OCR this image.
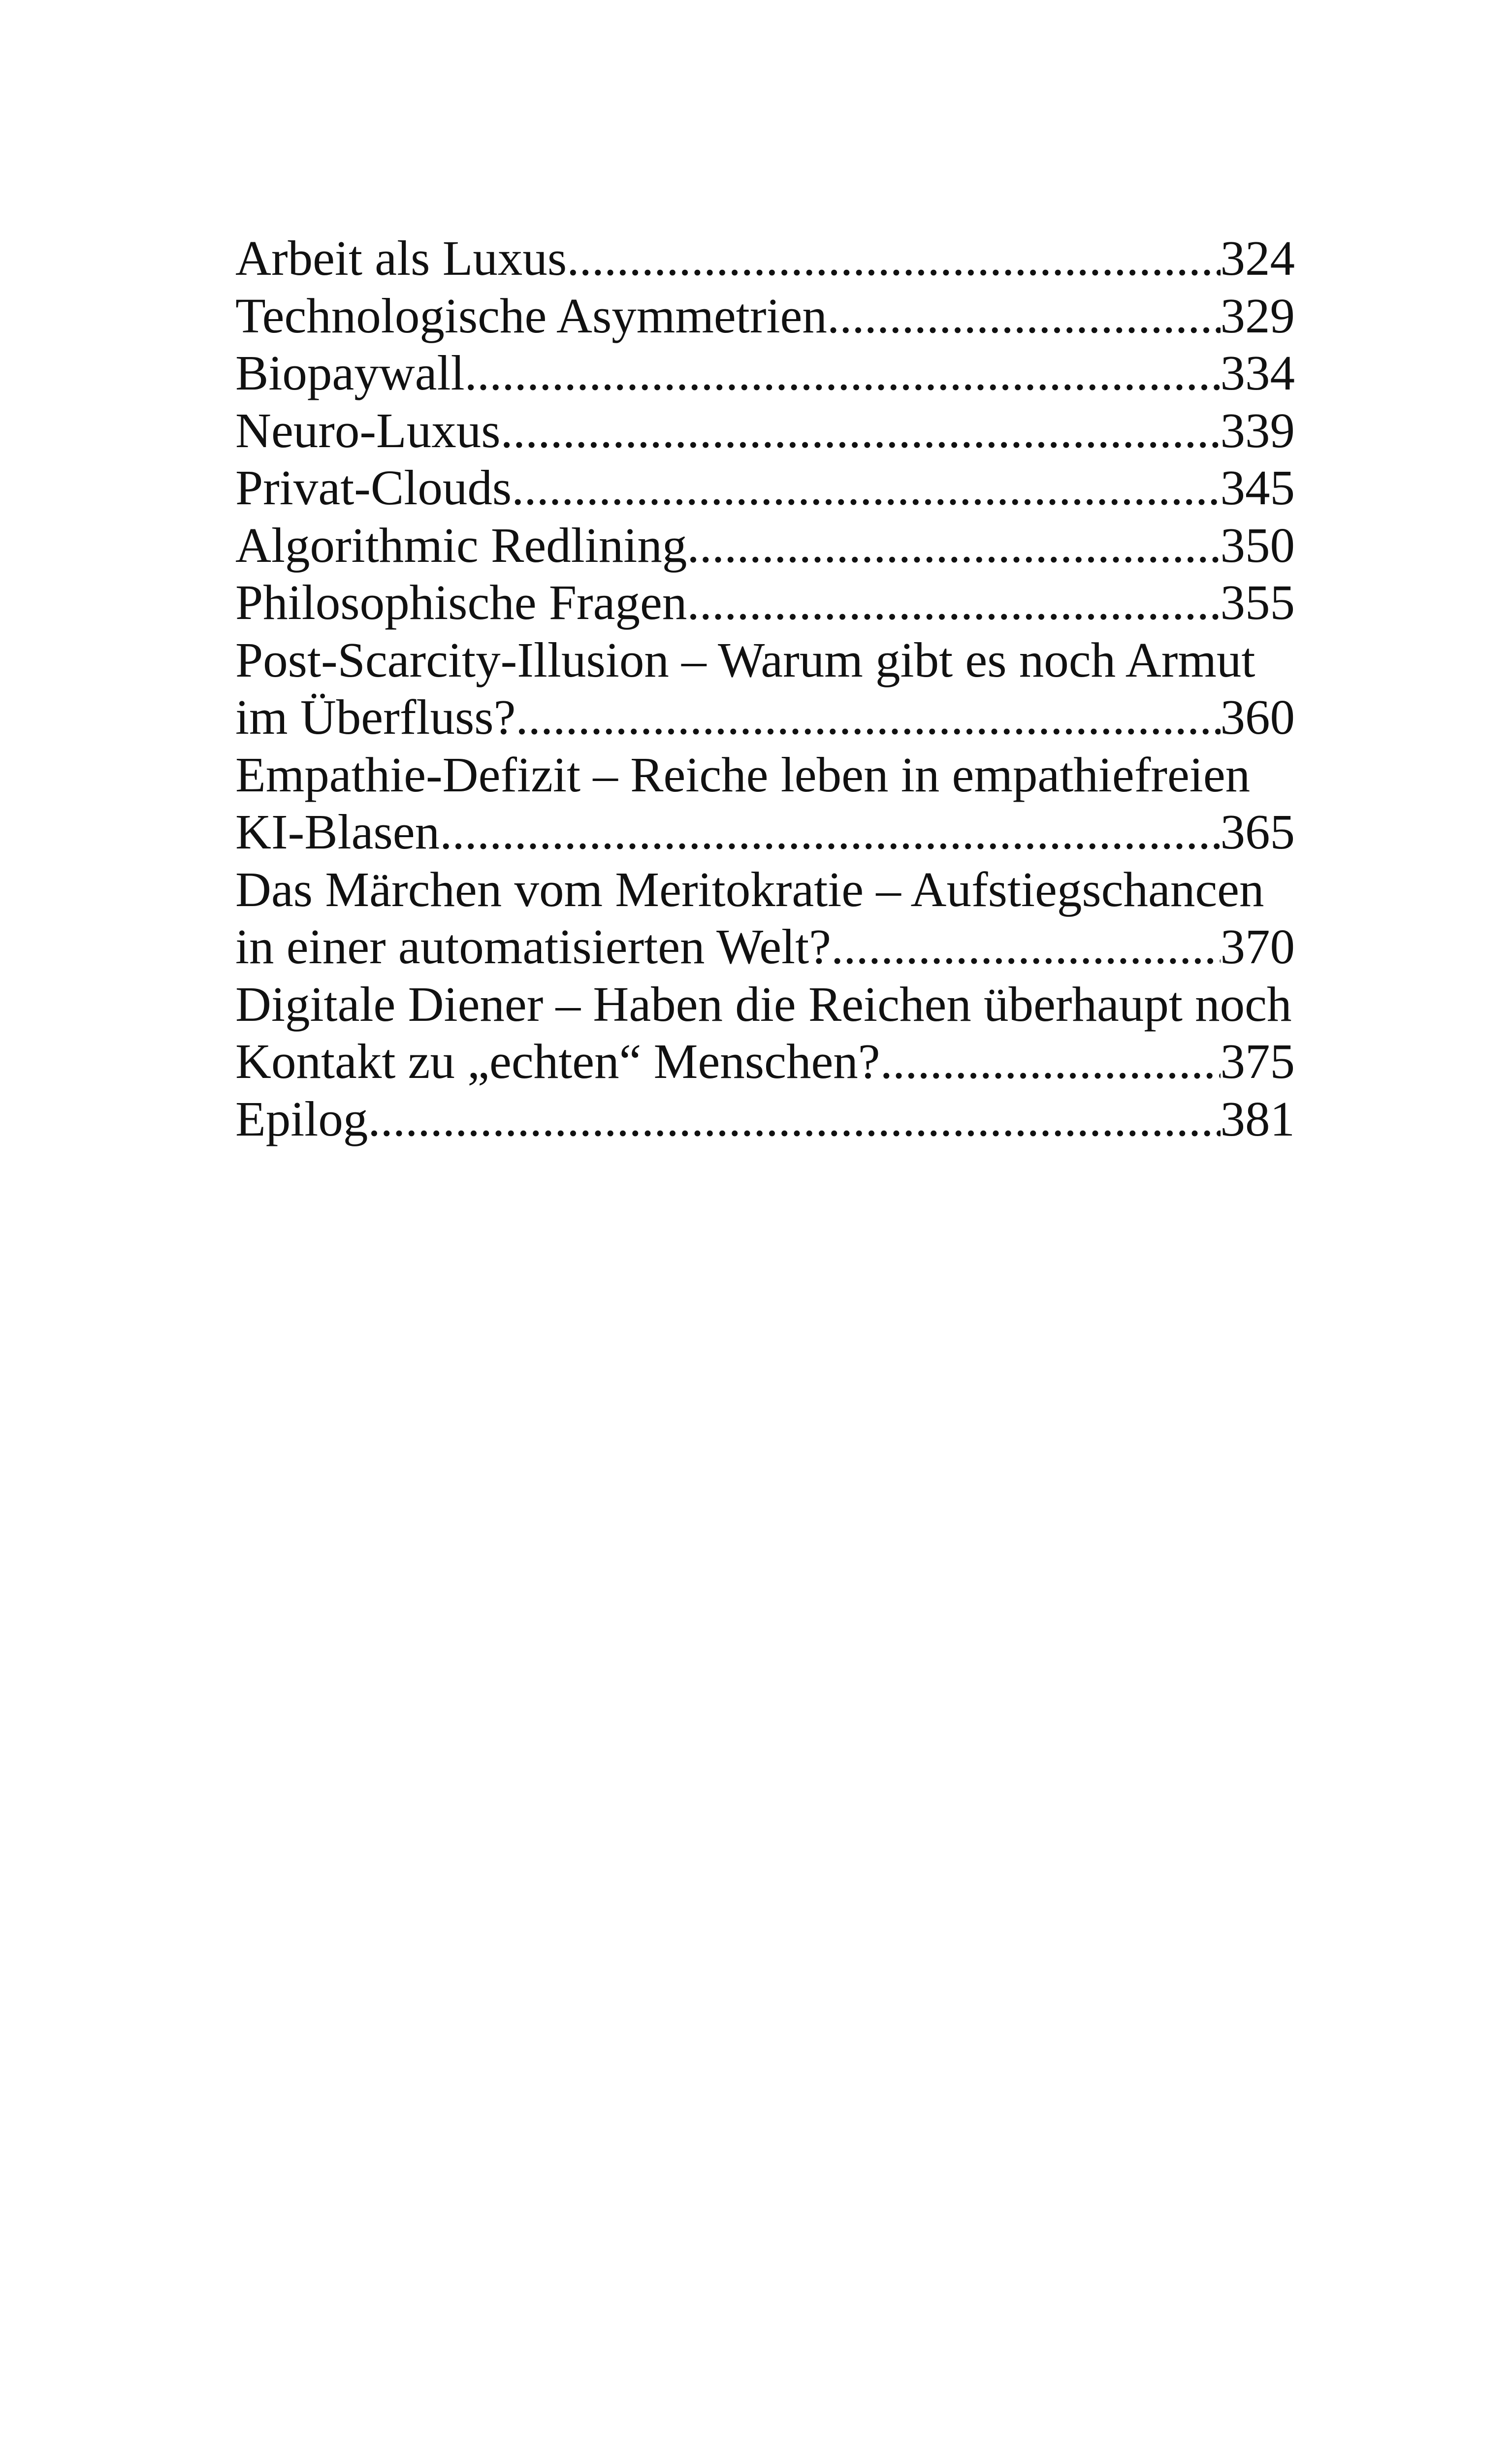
Arbeit als Luxus .....	324
Technologische Asymmetrien .....	329
Biopaywall .....	334
Neuro-Luxus .....	339
Privat-Clouds .....	345
Algorithmic Redlining .....	350
Philosophische Fragen .....	355
Post-Scarcity-Illusion – Warum gibt es noch Armut
im Überfluss? .....	360
Empathie-Defizit – Reiche leben in empathiefreien
KI-Blasen .....	365
Das Märchen vom Meritokratie – Aufstiegschancen
in einer automatisierten Welt? .....	370
Digitale Diener – Haben die Reichen überhaupt noch
Kontakt zu „echten“ Menschen? .....	375
Epilog .....	381
